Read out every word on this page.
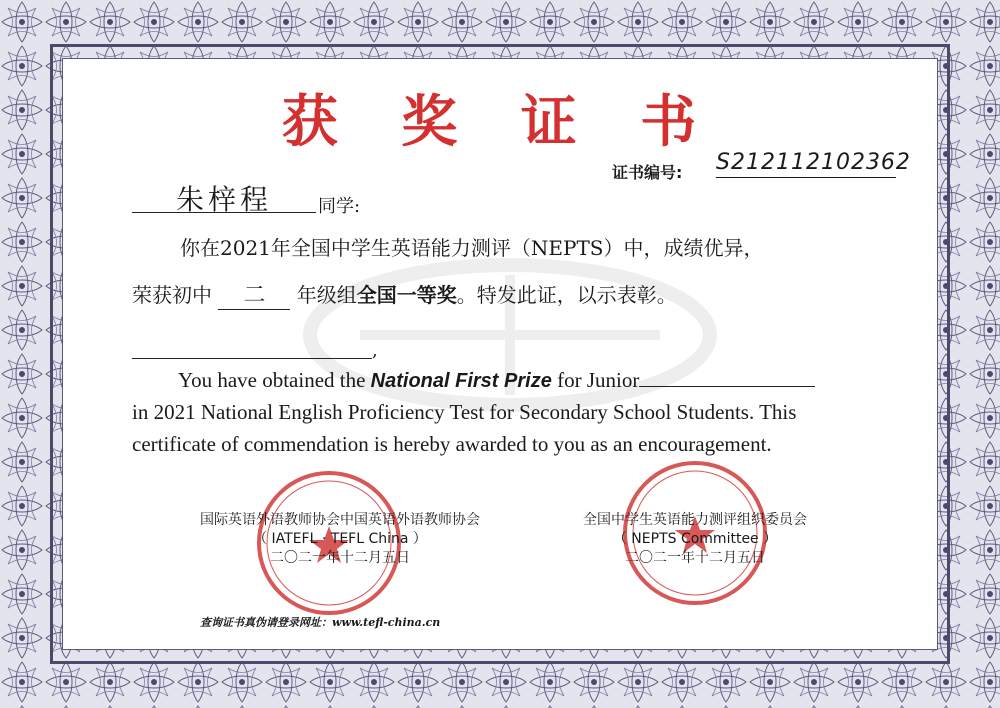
获 奖 证 书
证书编号: S212112102362
朱梓程	同学:
你在2021年全国中学生英语能力测评（NEPTS）中，成绩优异，
荣获初中 二 年级组全国一等奖。特发此证，以示表彰。
,
You have obtained the National First Prize for Junior
in 2021 National English Proficiency Test for Secondary School Students. This
certificate of commendation is hereby awarded to you as an encouragement.
国际英语外语教师协会中国英语外语教师协会
（ IATEFL · TEFL China ）
二〇二一年十二月五日
全国中学生英语能力测评组织委员会
（ NEPTS Committee ）
二〇二一年十二月五日
查询证书真伪请登录网址：www.tefl-china.cn
